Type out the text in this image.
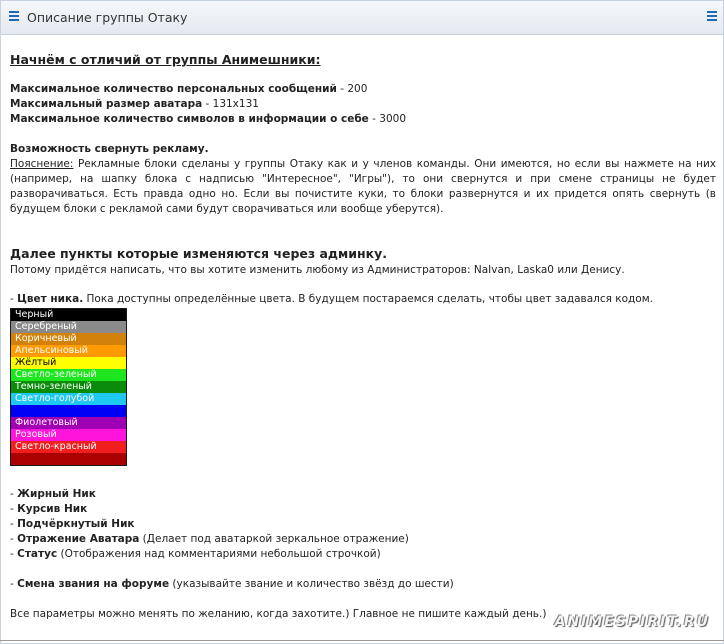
Описание группы Отаку
Начнём с отличий от группы Анимешники:
Максимальное количество персональных сообщений - 200
Максимальный размер аватара - 131x131
Максимальное количество символов в информации о себе - 3000
Возможность свернуть рекламу.
Пояснение: Рекламные блоки сделаны у группы Отаку как и у членов команды. Они имеются, но если вы нажмете на них (например, на шапку блока с надписью "Интересное", "Игры"), то они свернутся и при смене страницы не будет разворачиваться. Есть правда одно но. Если вы почистите куки, то блоки развернутся и их придется опять свернуть (в будущем блоки с рекламой сами будут сворачиваться или вообще уберутся).
Далее пункты которые изменяются через админку.
Потому придётся написать, что вы хотите изменить любому из Администраторов: NaIvan, Laska0 или Денису.
- Цвет ника. Пока доступны определённые цвета. В будущем постараемся сделать, чтобы цвет задавался кодом.
Черный
Серебреный
Коричневый
Апельсиновый
Жёлтый
Светло-зеленый
Темно-зеленый
Светло-голубой
Синий
Фиолетовый
Розовый
Светло-красный
Темно-красный
- Жирный Ник
- Курсив Ник
- Подчёркнутый Ник
- Отражение Аватара (Делает под аватаркой зеркальное отражение)
- Статус (Отображения над комментариями небольшой строчкой)
- Смена звания на форуме (указывайте звание и количество звёзд до шести)
Все параметры можно менять по желанию, когда захотите.) Главное не пишите каждый день.) ANIMESPIRIT.RU
